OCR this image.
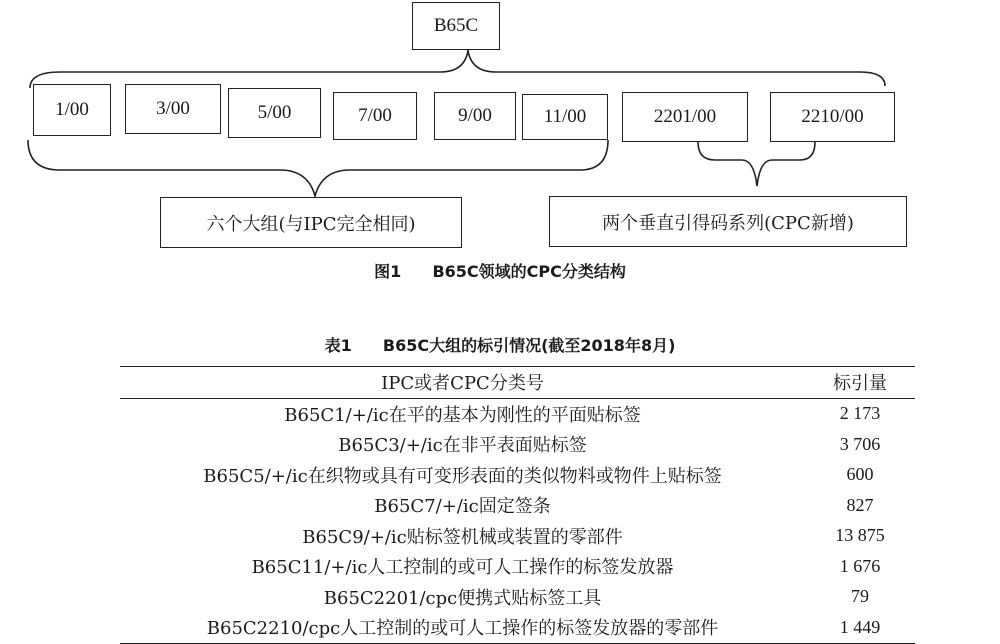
B65C
1/00	3/00	5/00	7/00	9/00	11/00	2201/00	2210/00
六个大组(与IPC完全相同)	两个垂直引得码系列(CPC新增)
图1 B65C领域的CPC分类结构
表1 B65C大组的标引情况(截至2018年8月)
IPC或者CPC分类号	标引量
B65C1/+/ic在平的基本为刚性的平面贴标签	2 173
B65C3/+/ic在非平表面贴标签	3 706
B65C5/+/ic在织物或具有可变形表面的类似物料或物件上贴标签	600
B65C7/+/ic固定签条	827
B65C9/+/ic贴标签机械或装置的零部件	13 875
B65C11/+/ic人工控制的或可人工操作的标签发放器	1 676
B65C2201/cpc便携式贴标签工具	79
B65C2210/cpc人工控制的或可人工操作的标签发放器的零部件	1 449
